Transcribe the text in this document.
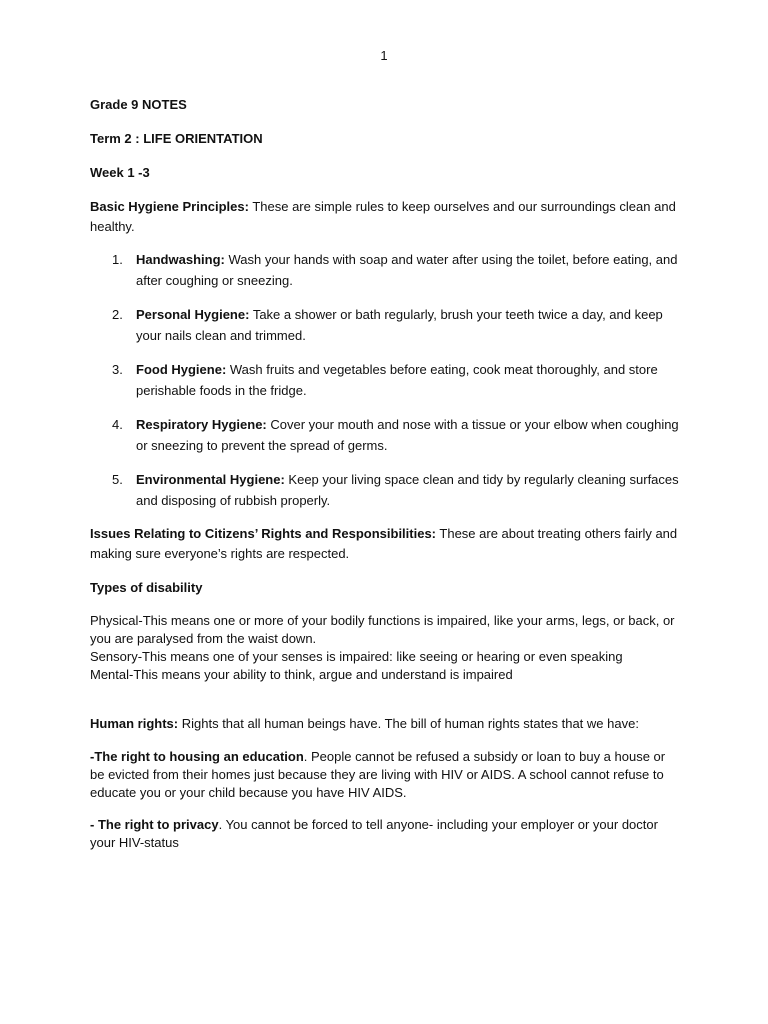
1

Grade 9 NOTES

Term 2 : LIFE ORIENTATION

Week 1 -3

Basic Hygiene Principles: These are simple rules to keep ourselves and our surroundings clean and healthy.

1. Handwashing: Wash your hands with soap and water after using the toilet, before eating, and after coughing or sneezing.
2. Personal Hygiene: Take a shower or bath regularly, brush your teeth twice a day, and keep your nails clean and trimmed.
3. Food Hygiene: Wash fruits and vegetables before eating, cook meat thoroughly, and store perishable foods in the fridge.
4. Respiratory Hygiene: Cover your mouth and nose with a tissue or your elbow when coughing or sneezing to prevent the spread of germs.
5. Environmental Hygiene: Keep your living space clean and tidy by regularly cleaning surfaces and disposing of rubbish properly.

Issues Relating to Citizens’ Rights and Responsibilities: These are about treating others fairly and making sure everyone’s rights are respected.

Types of disability

Physical-This means one or more of your bodily functions is impaired, like your arms, legs, or back, or you are paralysed from the waist down.

Sensory-This means one of your senses is impaired: like seeing or hearing or even speaking

Mental-This means your ability to think, argue and understand is impaired

Human rights: Rights that all human beings have. The bill of human rights states that we have:

-The right to housing an education. People cannot be refused a subsidy or loan to buy a house or be evicted from their homes just because they are living with HIV or AIDS. A school cannot refuse to educate you or your child because you have HIV AIDS.

- The right to privacy. You cannot be forced to tell anyone- including your employer or your doctor your HIV-status
